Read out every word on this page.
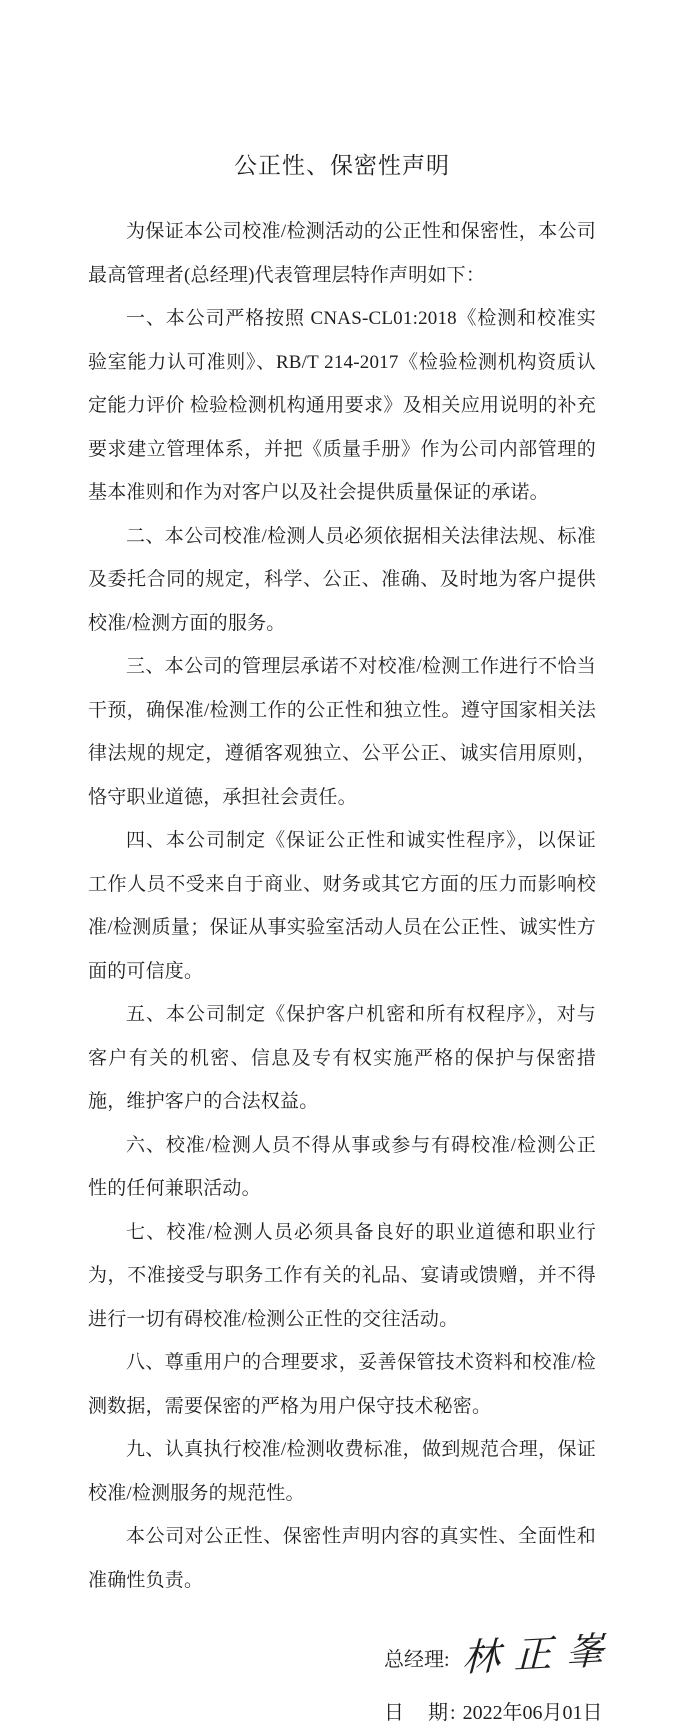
公正性、保密性声明

为保证本公司校准/检测活动的公正性和保密性，本公司最高管理者(总经理)代表管理层特作声明如下：

一、本公司严格按照 CNAS-CL01:2018《检测和校准实验室能力认可准则》、RB/T 214-2017《检验检测机构资质认定能力评价 检验检测机构通用要求》及相关应用说明的补充要求建立管理体系，并把《质量手册》作为公司内部管理的基本准则和作为对客户以及社会提供质量保证的承诺。

二、本公司校准/检测人员必须依据相关法律法规、标准及委托合同的规定，科学、公正、准确、及时地为客户提供校准/检测方面的服务。

三、本公司的管理层承诺不对校准/检测工作进行不恰当干预，确保准/检测工作的公正性和独立性。遵守国家相关法律法规的规定，遵循客观独立、公平公正、诚实信用原则，恪守职业道德，承担社会责任。

四、本公司制定《保证公正性和诚实性程序》，以保证工作人员不受来自于商业、财务或其它方面的压力而影响校准/检测质量；保证从事实验室活动人员在公正性、诚实性方面的可信度。

五、本公司制定《保护客户机密和所有权程序》，对与客户有关的机密、信息及专有权实施严格的保护与保密措施，维护客户的合法权益。

六、校准/检测人员不得从事或参与有碍校准/检测公正性的任何兼职活动。

七、校准/检测人员必须具备良好的职业道德和职业行为，不准接受与职务工作有关的礼品、宴请或馈赠，并不得进行一切有碍校准/检测公正性的交往活动。

八、尊重用户的合理要求，妥善保管技术资料和校准/检测数据，需要保密的严格为用户保守技术秘密。

九、认真执行校准/检测收费标准，做到规范合理，保证校准/检测服务的规范性。

本公司对公正性、保密性声明内容的真实性、全面性和准确性负责。

总经理: 林正峯
日　期: 2022年06月01日
